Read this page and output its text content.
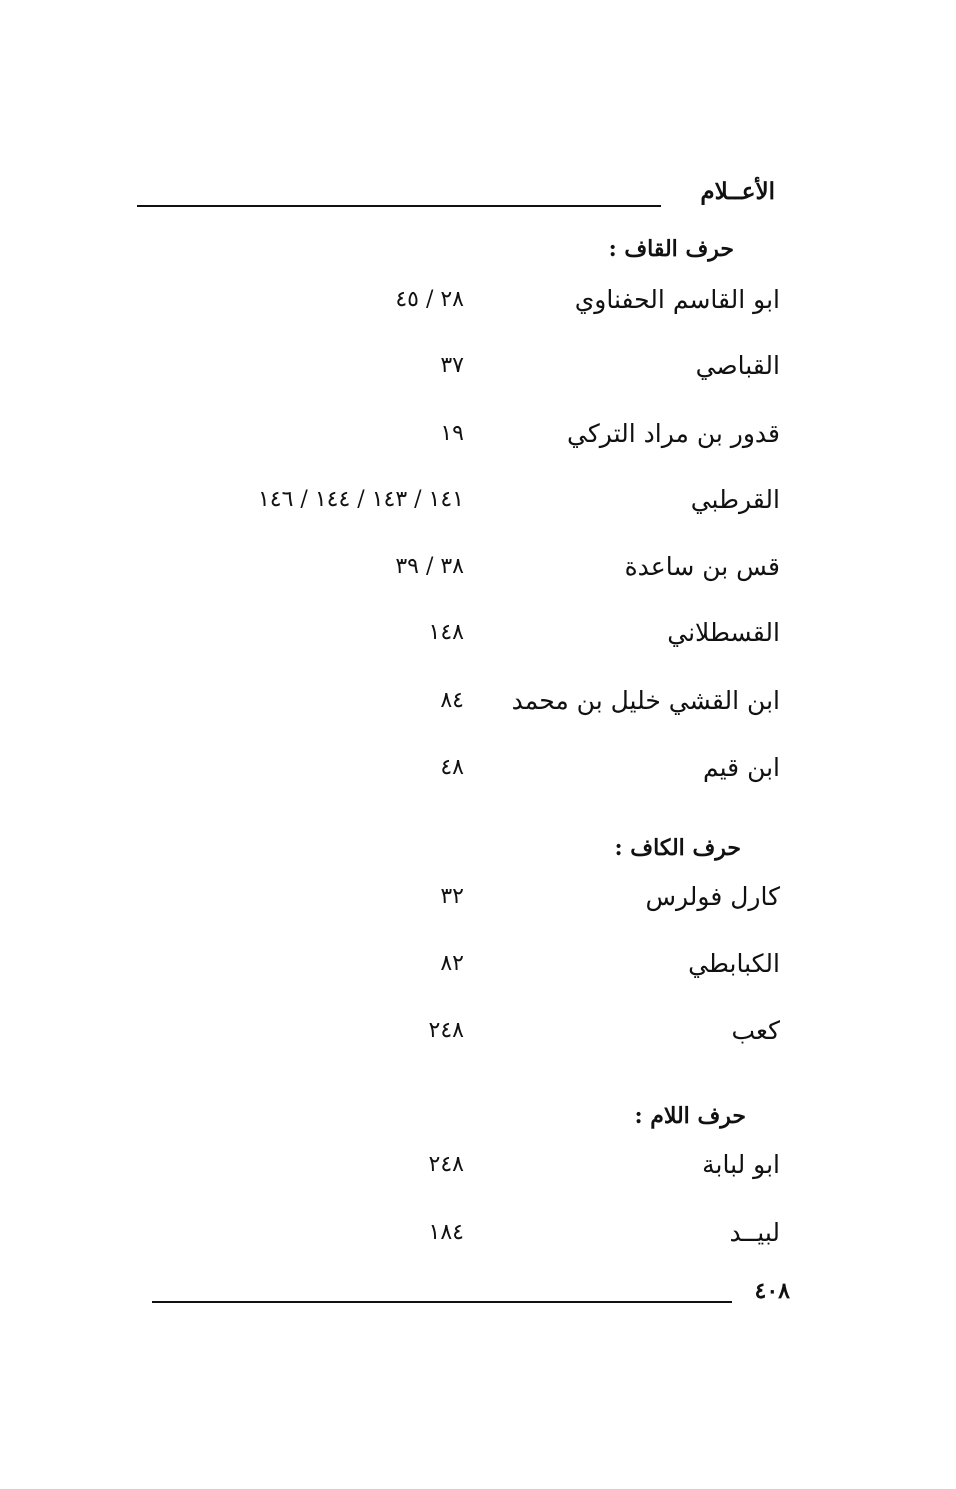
الأعــلام
حرف القاف :
ابو القاسم الحفناوي
٢٨ / ٤٥
القباصي
٣٧
قدور بن مراد التركي
١٩
القرطبي
١٤١ / ١٤٣ / ١٤٤ / ١٤٦
قس بن ساعدة
٣٨ / ٣٩
القسطلاني
١٤٨
ابن القشي خليل بن محمد
٨٤
ابن قيم
٤٨
حرف الكاف :
كارل فولرس
٣٢
الكبابطي
٨٢
كعب
٢٤٨
حرف اللام :
ابو لبابة
٢٤٨
لبيــد
١٨٤
٤٠٨
